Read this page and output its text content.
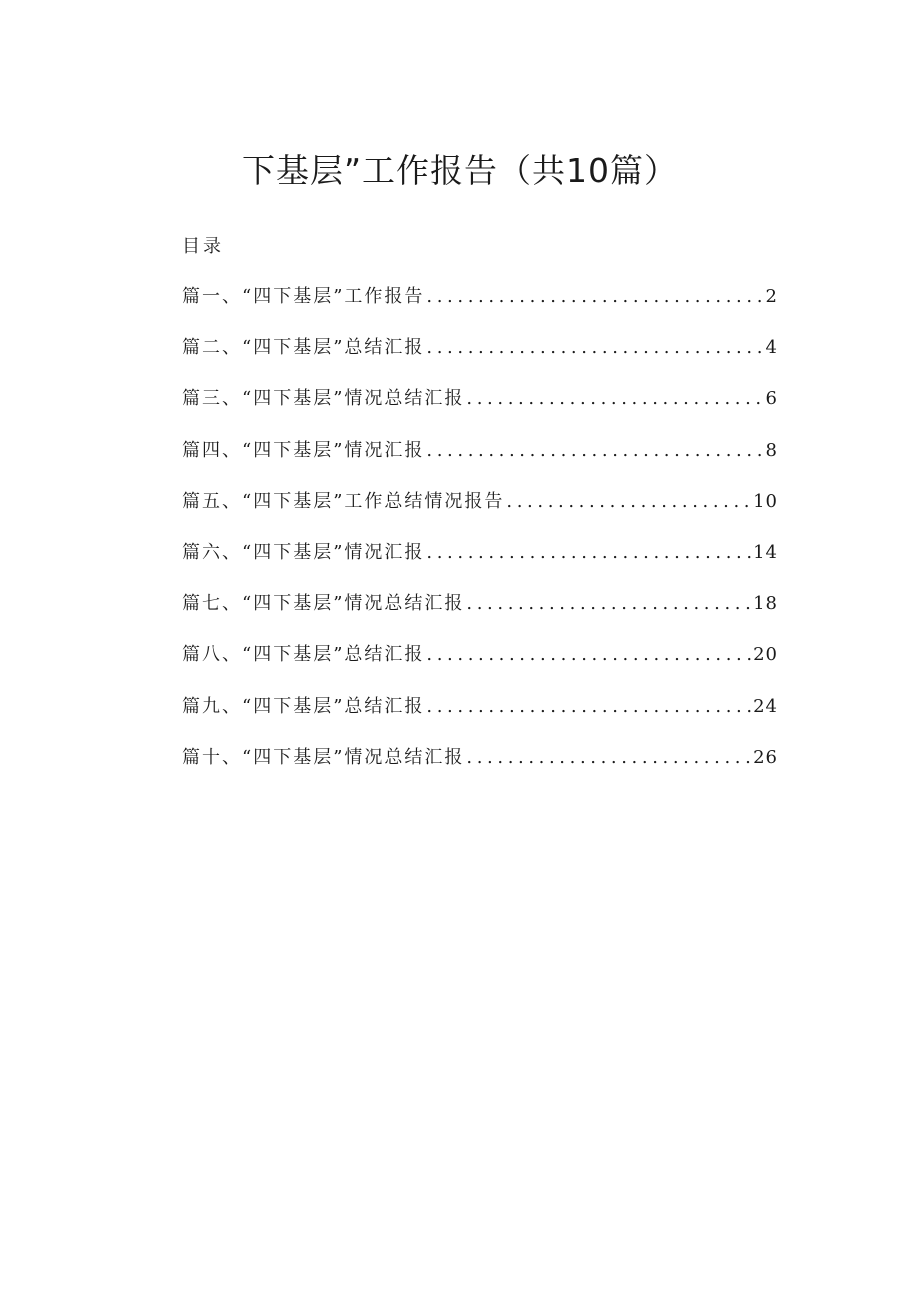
下基层”工作报告（共10篇）
目录
篇一、“四下基层”工作报告 .....	2
篇二、“四下基层”总结汇报 .....	4
篇三、“四下基层”情况总结汇报 .....	6
篇四、“四下基层”情况汇报 .....	8
篇五、“四下基层”工作总结情况报告 .....	10
篇六、“四下基层”情况汇报 .....	14
篇七、“四下基层”情况总结汇报 .....	18
篇八、“四下基层”总结汇报 .....	20
篇九、“四下基层”总结汇报 .....	24
篇十、“四下基层”情况总结汇报 .....	26
